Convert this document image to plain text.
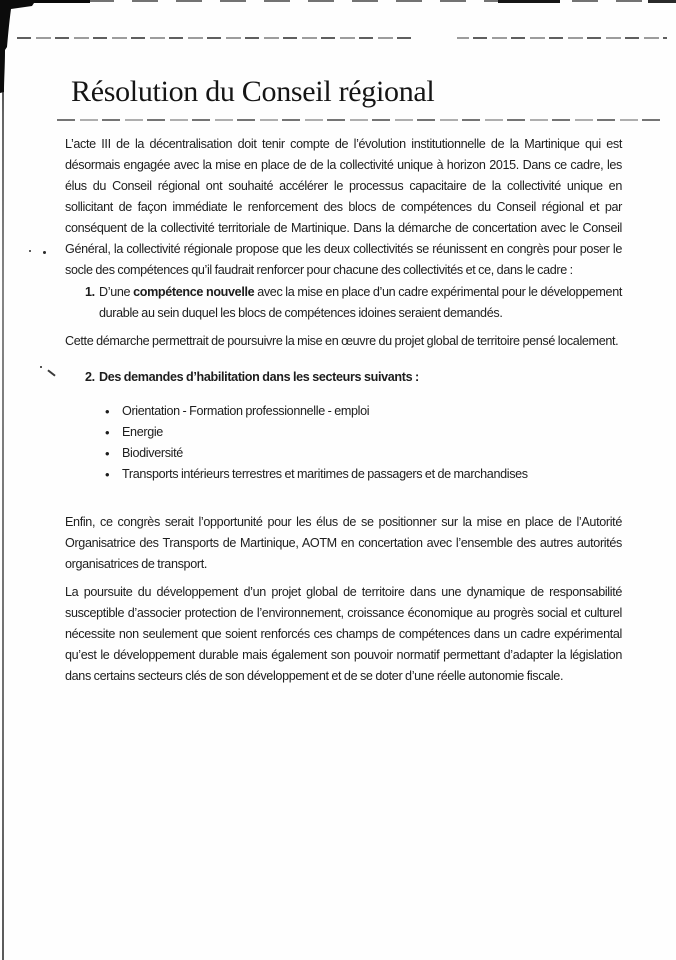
Résolution du Conseil régional

L’acte III de la décentralisation doit tenir compte de l’évolution institutionnelle de la Martinique qui est désormais engagée avec la mise en place de de la collectivité unique à horizon 2015. Dans ce cadre, les élus du Conseil régional ont souhaité accélérer le processus capacitaire de la collectivité unique en sollicitant de façon immédiate le renforcement des blocs de compétences du Conseil régional et par conséquent de la collectivité territoriale de Martinique. Dans la démarche de concertation avec le Conseil Général, la collectivité régionale propose que les deux collectivités se réunissent en congrès pour poser le socle des compétences qu’il faudrait renforcer pour chacune des collectivités et ce, dans le cadre :

1. D’une compétence nouvelle avec la mise en place d’un cadre expérimental pour le développement durable au sein duquel les blocs de compétences idoines seraient demandés.

Cette démarche permettrait de poursuivre la mise en œuvre du projet global de territoire pensé localement.

2. Des demandes d’habilitation dans les secteurs suivants :
• Orientation - Formation professionnelle - emploi
• Energie
• Biodiversité
• Transports intérieurs terrestres et maritimes de passagers et de marchandises

Enfin, ce congrès serait l’opportunité pour les élus de se positionner sur la mise en place de l’Autorité Organisatrice des Transports de Martinique, AOTM en concertation avec l’ensemble des autres autorités organisatrices de transport.

La poursuite du développement d’un projet global de territoire dans une dynamique de responsabilité susceptible d’associer protection de l’environnement, croissance économique au progrès social et culturel nécessite non seulement que soient renforcés ces champs de compétences dans un cadre expérimental qu’est le développement durable mais également son pouvoir normatif permettant d’adapter la législation dans certains secteurs clés de son développement et de se doter d’une réelle autonomie fiscale.
